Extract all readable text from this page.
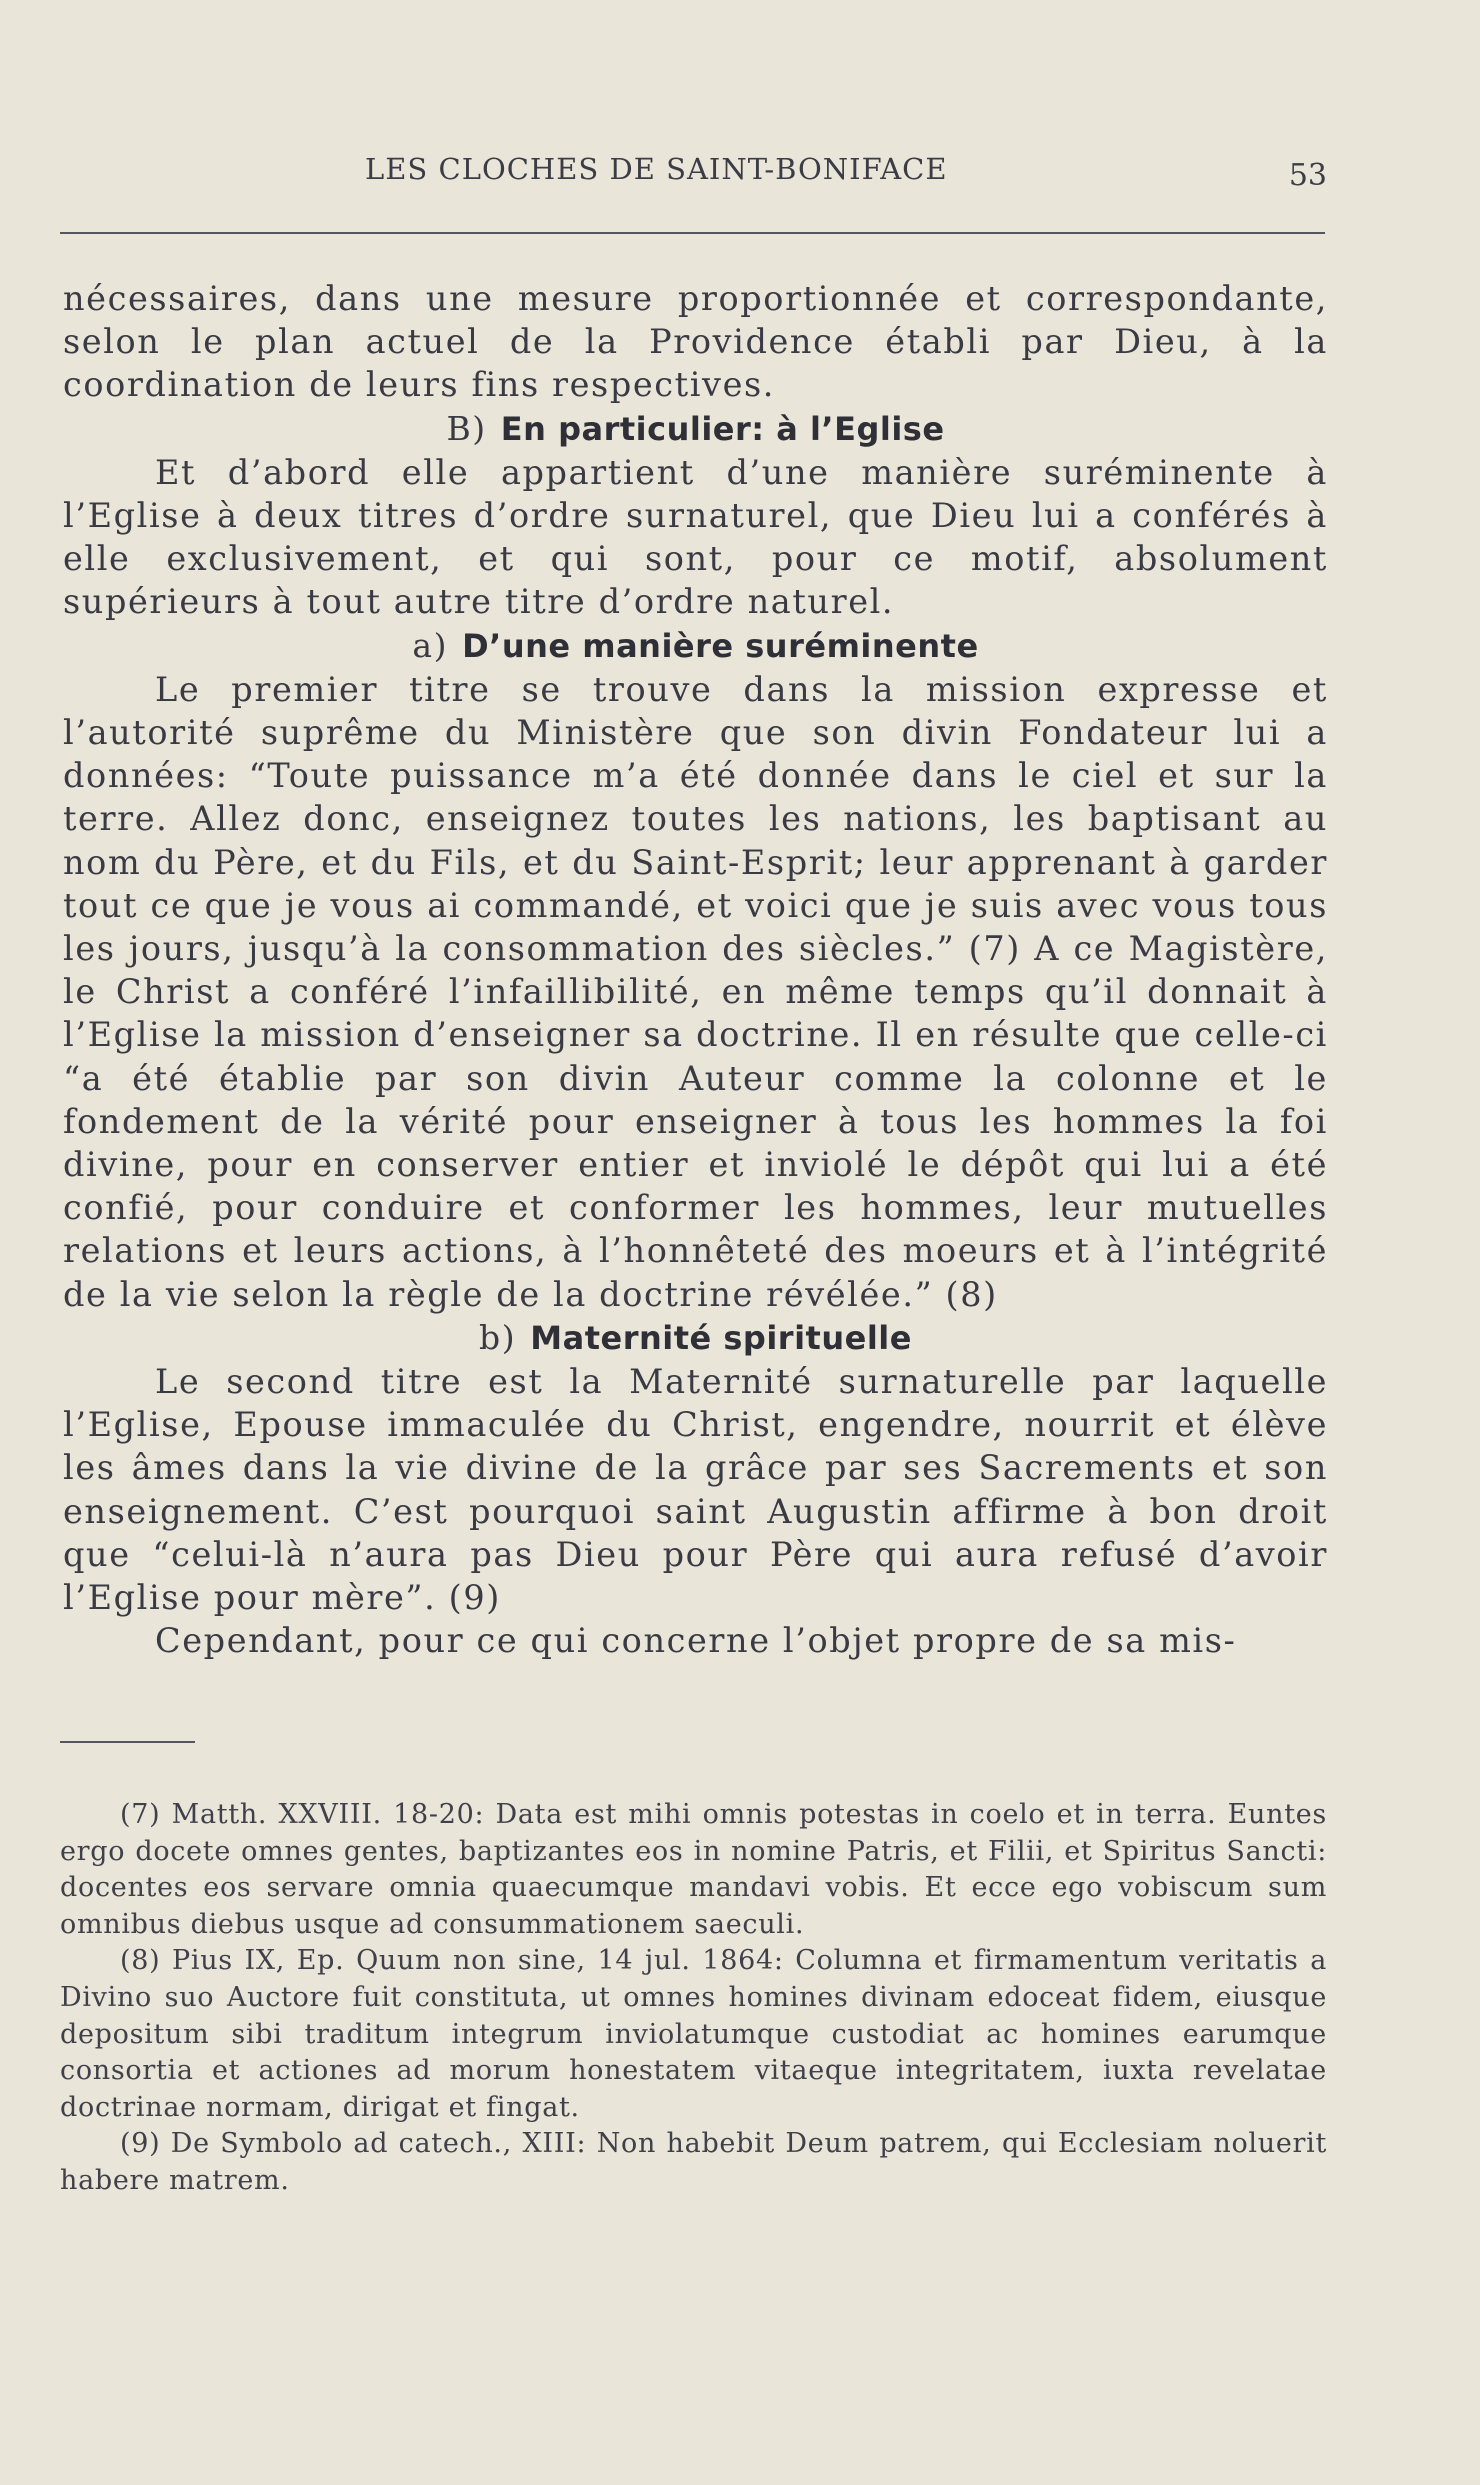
LES CLOCHES DE SAINT-BONIFACE	53

nécessaires, dans une mesure proportionnée et correspondante, selon le plan actuel de la Providence établi par Dieu, à la coordination de leurs fins respectives.

B) En particulier: à l’Eglise

Et d’abord elle appartient d’une manière suréminente à l’Eglise à deux titres d’ordre surnaturel, que Dieu lui a conférés à elle exclusivement, et qui sont, pour ce motif, absolument supérieurs à tout autre titre d’ordre naturel.

a) D’une manière suréminente

Le premier titre se trouve dans la mission expresse et l’autorité suprême du Ministère que son divin Fondateur lui a données: “Toute puissance m’a été donnée dans le ciel et sur la terre. Allez donc, enseignez toutes les nations, les baptisant au nom du Père, et du Fils, et du Saint-Esprit; leur apprenant à garder tout ce que je vous ai commandé, et voici que je suis avec vous tous les jours, jusqu’à la consommation des siècles.” (7) A ce Magistère, le Christ a conféré l’infaillibilité, en même temps qu’il donnait à l’Eglise la mission d’enseigner sa doctrine. Il en résulte que celle-ci “a été établie par son divin Auteur comme la colonne et le fondement de la vérité pour enseigner à tous les hommes la foi divine, pour en conserver entier et inviolé le dépôt qui lui a été confié, pour conduire et conformer les hommes, leur mutuelles relations et leurs actions, à l’honnêteté des moeurs et à l’intégrité de la vie selon la règle de la doctrine révélée.” (8)

b) Maternité spirituelle

Le second titre est la Maternité surnaturelle par laquelle l’Eglise, Epouse immaculée du Christ, engendre, nourrit et élève les âmes dans la vie divine de la grâce par ses Sacrements et son enseignement. C’est pourquoi saint Augustin affirme à bon droit que “celui-là n’aura pas Dieu pour Père qui aura refusé d’avoir l’Eglise pour mère”. (9)

Cependant, pour ce qui concerne l’objet propre de sa mis-

(7) Matth. XXVIII. 18-20: Data est mihi omnis potestas in coelo et in terra. Euntes ergo docete omnes gentes, baptizantes eos in nomine Patris, et Filii, et Spiritus Sancti: docentes eos servare omnia quaecumque mandavi vobis. Et ecce ego vobiscum sum omnibus diebus usque ad consummationem saeculi.

(8) Pius IX, Ep. Quum non sine, 14 jul. 1864: Columna et firmamentum veritatis a Divino suo Auctore fuit constituta, ut omnes homines divinam edoceat fidem, eiusque depositum sibi traditum integrum inviolatumque custodiat ac homines earumque consortia et actiones ad morum honestatem vitaeque integritatem, iuxta revelatae doctrinae normam, dirigat et fingat.

(9) De Symbolo ad catech., XIII: Non habebit Deum patrem, qui Ecclesiam noluerit habere matrem.
